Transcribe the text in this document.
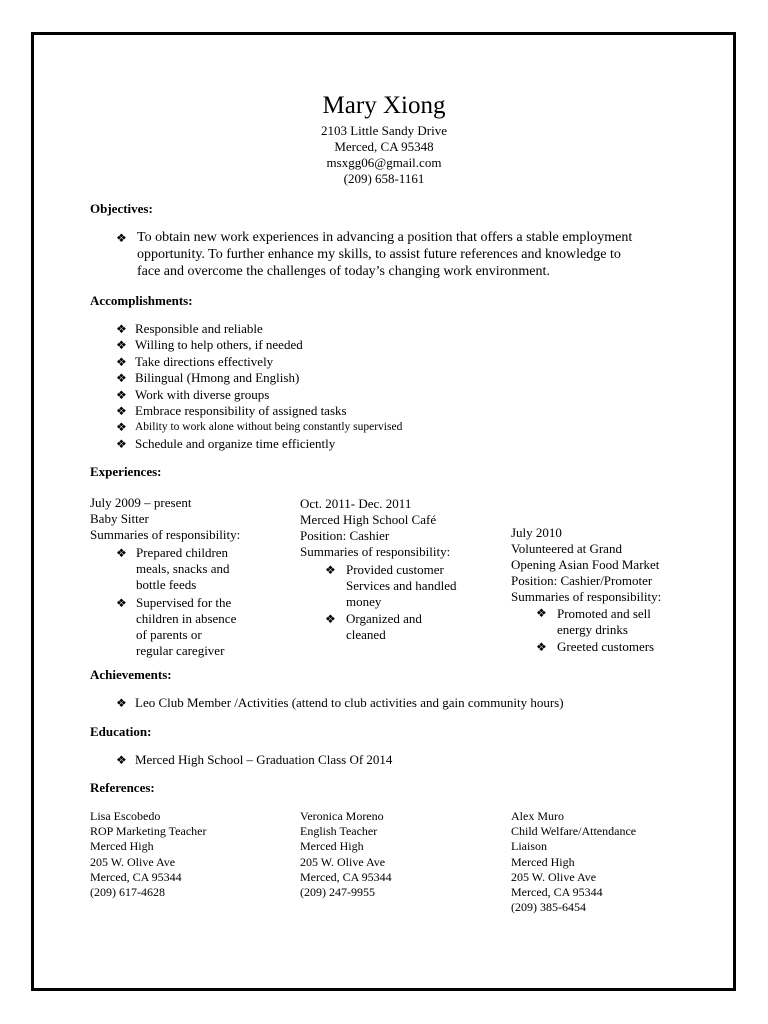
Mary Xiong
2103 Little Sandy Drive
Merced, CA 95348
msxgg06@gmail.com
(209) 658-1161
Objectives:
❖ To obtain new work experiences in advancing a position that offers a stable employment
opportunity. To further enhance my skills, to assist future references and knowledge to
face and overcome the challenges of today’s changing work environment.
Accomplishments:
❖ Responsible and reliable
❖ Willing to help others, if needed
❖ Take directions effectively
❖ Bilingual (Hmong and English)
❖ Work with diverse groups
❖ Embrace responsibility of assigned tasks
❖ Ability to work alone without being constantly supervised
❖ Schedule and organize time efficiently
Experiences:
July 2009 – present
Baby Sitter
Summaries of responsibility:
❖ Prepared children
meals, snacks and
bottle feeds
❖ Supervised for the
children in absence
of parents or
regular caregiver
Oct. 2011- Dec. 2011
Merced High School Café
Position: Cashier
Summaries of responsibility:
❖ Provided customer
Services and handled
money
❖ Organized and
cleaned
July 2010
Volunteered at Grand
Opening Asian Food Market
Position: Cashier/Promoter
Summaries of responsibility:
❖ Promoted and sell
energy drinks
❖ Greeted customers
Achievements:
❖ Leo Club Member /Activities (attend to club activities and gain community hours)
Education:
❖ Merced High School – Graduation Class Of 2014
References:
Lisa Escobedo
ROP Marketing Teacher
Merced High
205 W. Olive Ave
Merced, CA 95344
(209) 617-4628
Veronica Moreno
English Teacher
Merced High
205 W. Olive Ave
Merced, CA 95344
(209) 247-9955
Alex Muro
Child Welfare/Attendance
Liaison
Merced High
205 W. Olive Ave
Merced, CA 95344
(209) 385-6454
